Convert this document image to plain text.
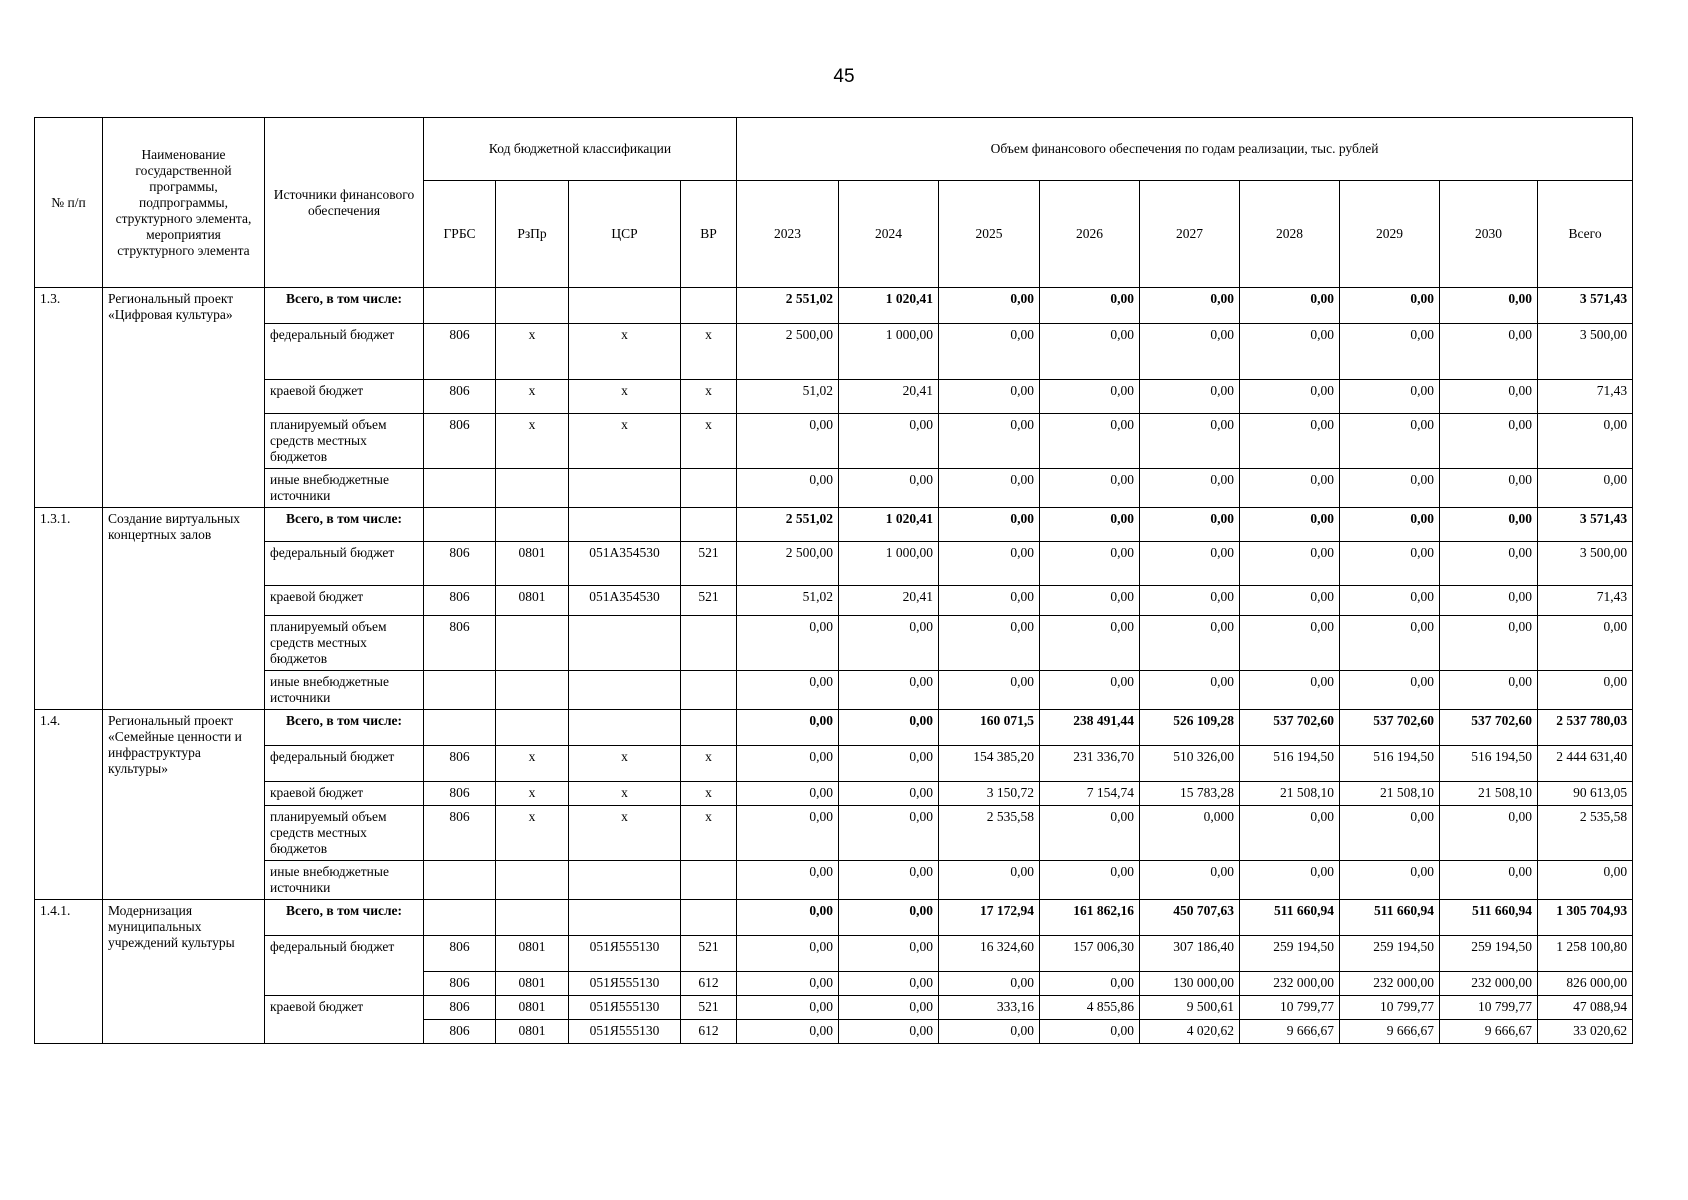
45
№ п/п	Наименование государственной программы, подпрограммы, структурного элемента, мероприятия структурного элемента	Источники финансового обеспечения	Код бюджетной классификации				Объем финансового обеспечения по годам реализации, тыс. рублей								
			ГРБС	РзПр	ЦСР	ВР	2023	2024	2025	2026	2027	2028	2029	2030	Всего
1.3.	Региональный проект «Цифровая культура»	Всего, в том числе:					2 551,02	1 020,41	0,00	0,00	0,00	0,00	0,00	0,00	3 571,43
		федеральный бюджет	806	х	х	х	2 500,00	1 000,00	0,00	0,00	0,00	0,00	0,00	0,00	3 500,00
		краевой бюджет	806	х	х	х	51,02	20,41	0,00	0,00	0,00	0,00	0,00	0,00	71,43
		планируемый объем средств местных бюджетов	806	х	х	х	0,00	0,00	0,00	0,00	0,00	0,00	0,00	0,00	0,00
		иные внебюджетные источники					0,00	0,00	0,00	0,00	0,00	0,00	0,00	0,00	0,00
1.3.1.	Создание виртуальных концертных залов	Всего, в том числе:					2 551,02	1 020,41	0,00	0,00	0,00	0,00	0,00	0,00	3 571,43
		федеральный бюджет	806	0801	051А354530	521	2 500,00	1 000,00	0,00	0,00	0,00	0,00	0,00	0,00	3 500,00
		краевой бюджет	806	0801	051А354530	521	51,02	20,41	0,00	0,00	0,00	0,00	0,00	0,00	71,43
		планируемый объем средств местных бюджетов	806				0,00	0,00	0,00	0,00	0,00	0,00	0,00	0,00	0,00
		иные внебюджетные источники					0,00	0,00	0,00	0,00	0,00	0,00	0,00	0,00	0,00
1.4.	Региональный проект «Семейные ценности и инфраструктура культуры»	Всего, в том числе:					0,00	0,00	160 071,5	238 491,44	526 109,28	537 702,60	537 702,60	537 702,60	2 537 780,03
		федеральный бюджет	806	х	х	х	0,00	0,00	154 385,20	231 336,70	510 326,00	516 194,50	516 194,50	516 194,50	2 444 631,40
		краевой бюджет	806	х	х	х	0,00	0,00	3 150,72	7 154,74	15 783,28	21 508,10	21 508,10	21 508,10	90 613,05
		планируемый объем средств местных бюджетов	806	х	х	х	0,00	0,00	2 535,58	0,00	0,000	0,00	0,00	0,00	2 535,58
		иные внебюджетные источники					0,00	0,00	0,00	0,00	0,00	0,00	0,00	0,00	0,00
1.4.1.	Модернизация муниципальных учреждений культуры	Всего, в том числе:					0,00	0,00	17 172,94	161 862,16	450 707,63	511 660,94	511 660,94	511 660,94	1 305 704,93
		федеральный бюджет	806	0801	051Я555130	521	0,00	0,00	16 324,60	157 006,30	307 186,40	259 194,50	259 194,50	259 194,50	1 258 100,80
			806	0801	051Я555130	612	0,00	0,00	0,00	0,00	130 000,00	232 000,00	232 000,00	232 000,00	826 000,00
		краевой бюджет	806	0801	051Я555130	521	0,00	0,00	333,16	4 855,86	9 500,61	10 799,77	10 799,77	10 799,77	47 088,94
			806	0801	051Я555130	612	0,00	0,00	0,00	0,00	4 020,62	9 666,67	9 666,67	9 666,67	33 020,62
